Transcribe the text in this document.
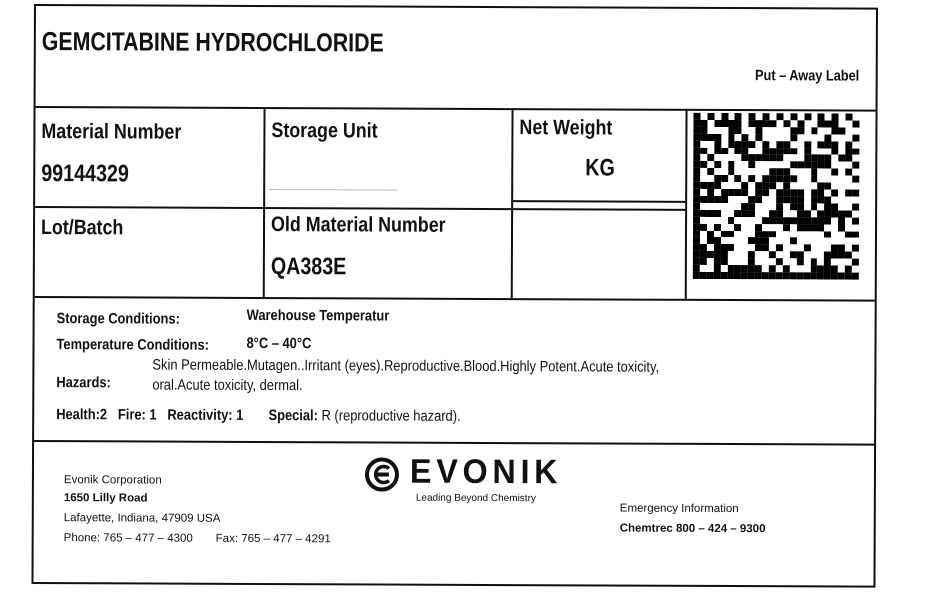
GEMCITABINE HYDROCHLORIDE
Put – Away Label
Material Number
99144329
Storage Unit	Net Weight
KG
Lot/Batch	Old Material Number
QA383E
Storage Conditions:	Warehouse Temperatur
Temperature Conditions:	8°C – 40°C
Hazards:
Skin Permeable.Mutagen..Irritant (eyes).Reproductive.Blood.Highly Potent.Acute toxicity,
oral.Acute toxicity, dermal.
Health:2 Fire: 1 Reactivity: 1 Special: R (reproductive hazard).
Evonik Corporation
1650 Lilly Road
Lafayette, Indiana, 47909 USA
Phone: 765 – 477 – 4300 Fax: 765 – 477 – 4291
EVONIK
Leading Beyond Chemistry
Emergency Information
Chemtrec 800 – 424 – 9300
